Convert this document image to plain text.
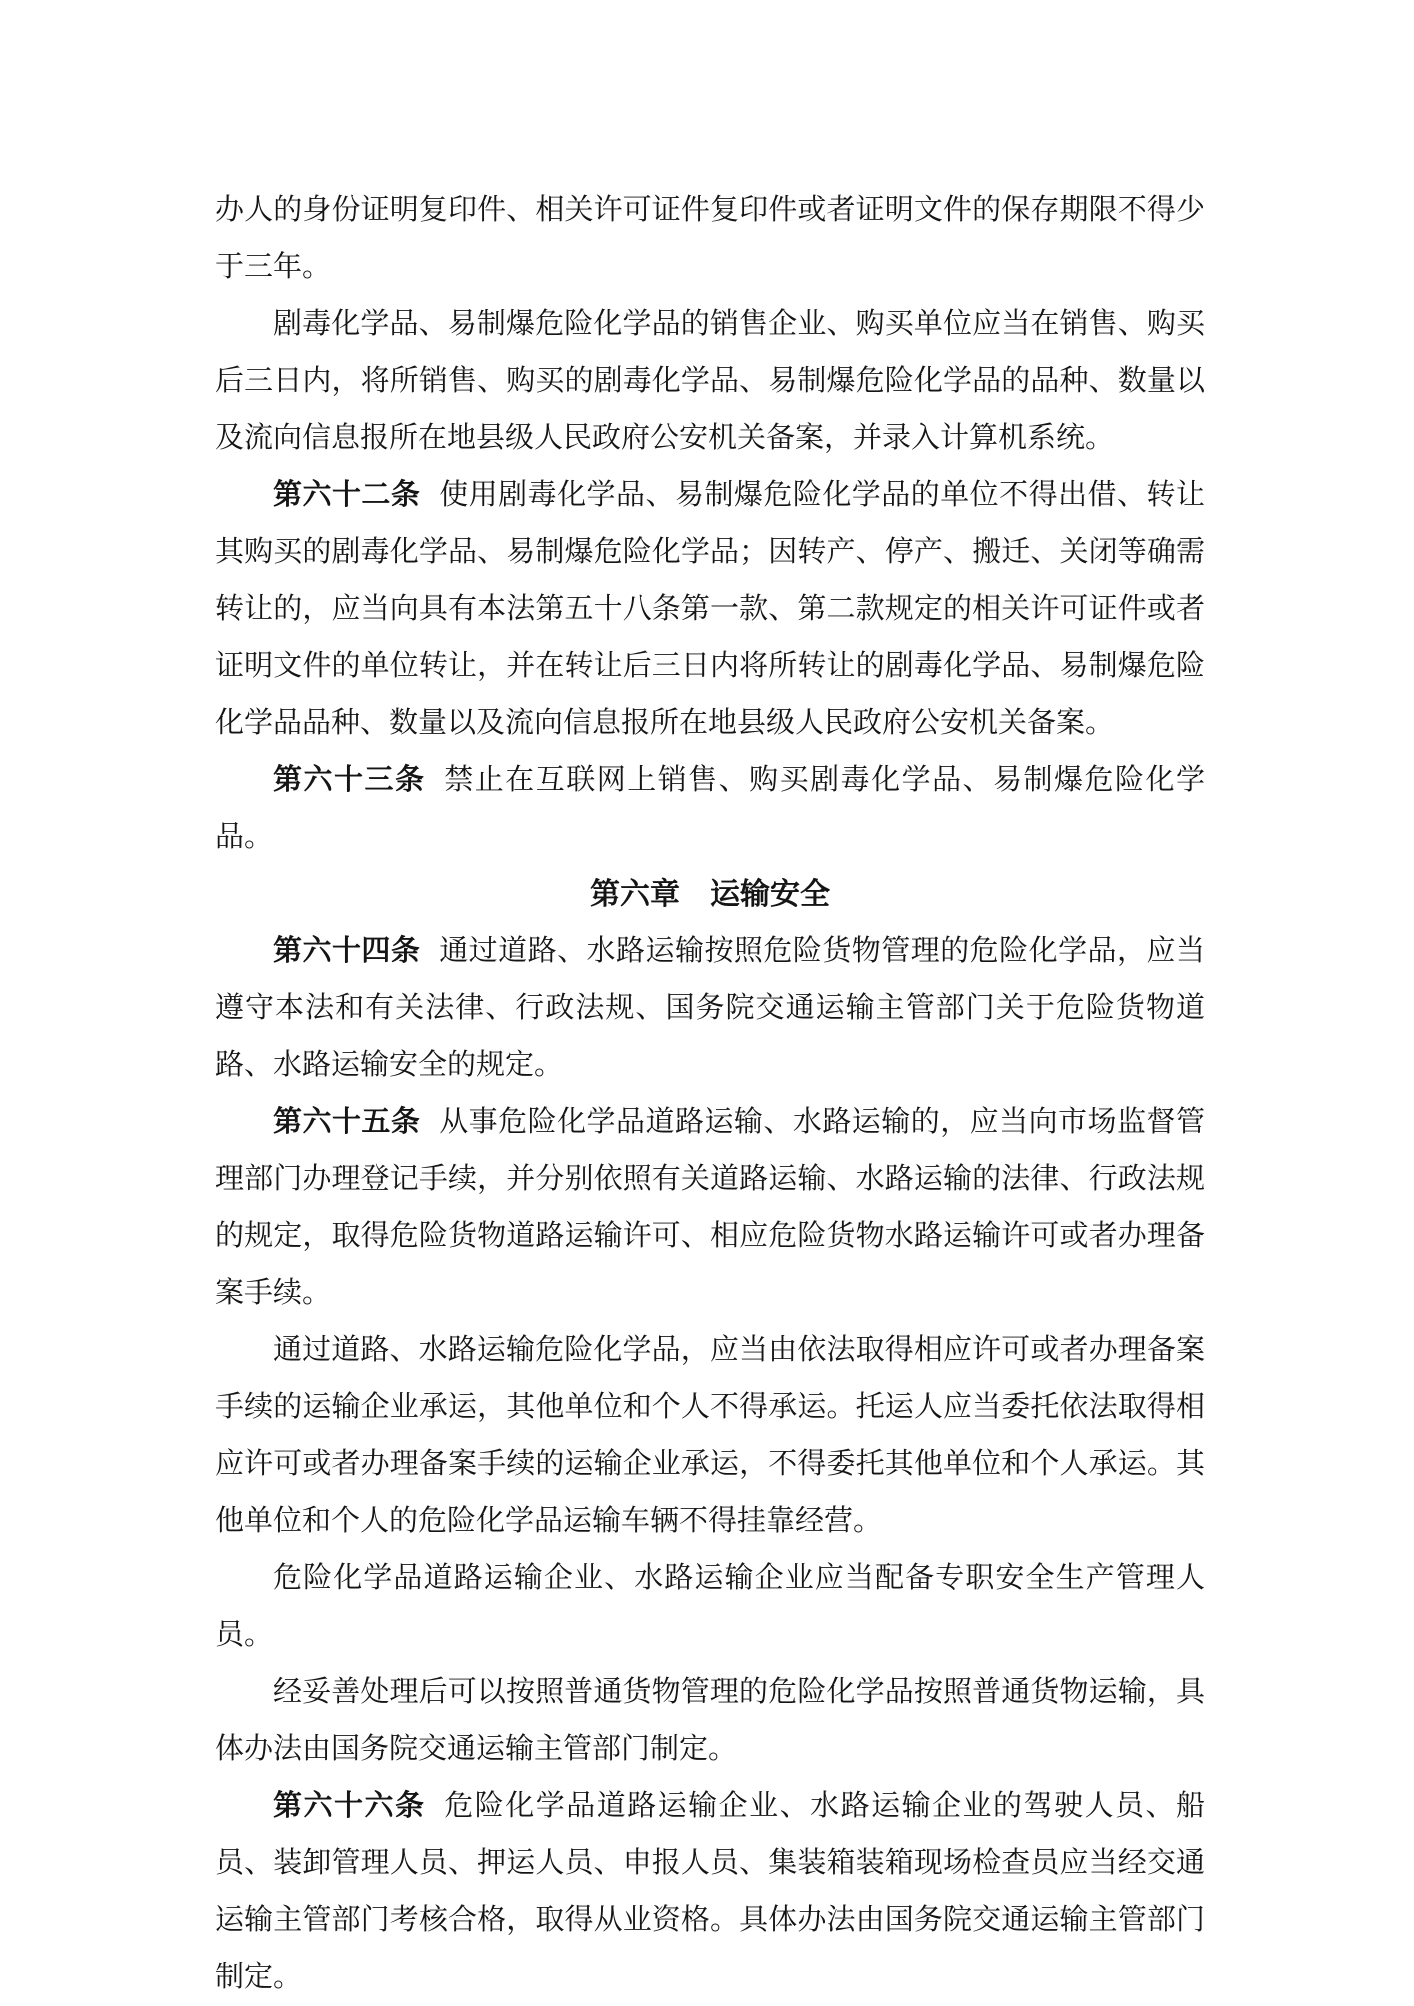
办人的身份证明复印件、相关许可证件复印件或者证明文件的保存期限不得少于三年。

剧毒化学品、易制爆危险化学品的销售企业、购买单位应当在销售、购买后三日内，将所销售、购买的剧毒化学品、易制爆危险化学品的品种、数量以及流向信息报所在地县级人民政府公安机关备案，并录入计算机系统。

第六十二条 使用剧毒化学品、易制爆危险化学品的单位不得出借、转让其购买的剧毒化学品、易制爆危险化学品；因转产、停产、搬迁、关闭等确需转让的，应当向具有本法第五十八条第一款、第二款规定的相关许可证件或者证明文件的单位转让，并在转让后三日内将所转让的剧毒化学品、易制爆危险化学品品种、数量以及流向信息报所在地县级人民政府公安机关备案。

第六十三条 禁止在互联网上销售、购买剧毒化学品、易制爆危险化学品。

第六章 运输安全

第六十四条 通过道路、水路运输按照危险货物管理的危险化学品，应当遵守本法和有关法律、行政法规、国务院交通运输主管部门关于危险货物道路、水路运输安全的规定。

第六十五条 从事危险化学品道路运输、水路运输的，应当向市场监督管理部门办理登记手续，并分别依照有关道路运输、水路运输的法律、行政法规的规定，取得危险货物道路运输许可、相应危险货物水路运输许可或者办理备案手续。

通过道路、水路运输危险化学品，应当由依法取得相应许可或者办理备案手续的运输企业承运，其他单位和个人不得承运。托运人应当委托依法取得相应许可或者办理备案手续的运输企业承运，不得委托其他单位和个人承运。其他单位和个人的危险化学品运输车辆不得挂靠经营。

危险化学品道路运输企业、水路运输企业应当配备专职安全生产管理人员。

经妥善处理后可以按照普通货物管理的危险化学品按照普通货物运输，具体办法由国务院交通运输主管部门制定。

第六十六条 危险化学品道路运输企业、水路运输企业的驾驶人员、船员、装卸管理人员、押运人员、申报人员、集装箱装箱现场检查员应当经交通运输主管部门考核合格，取得从业资格。具体办法由国务院交通运输主管部门制定。
